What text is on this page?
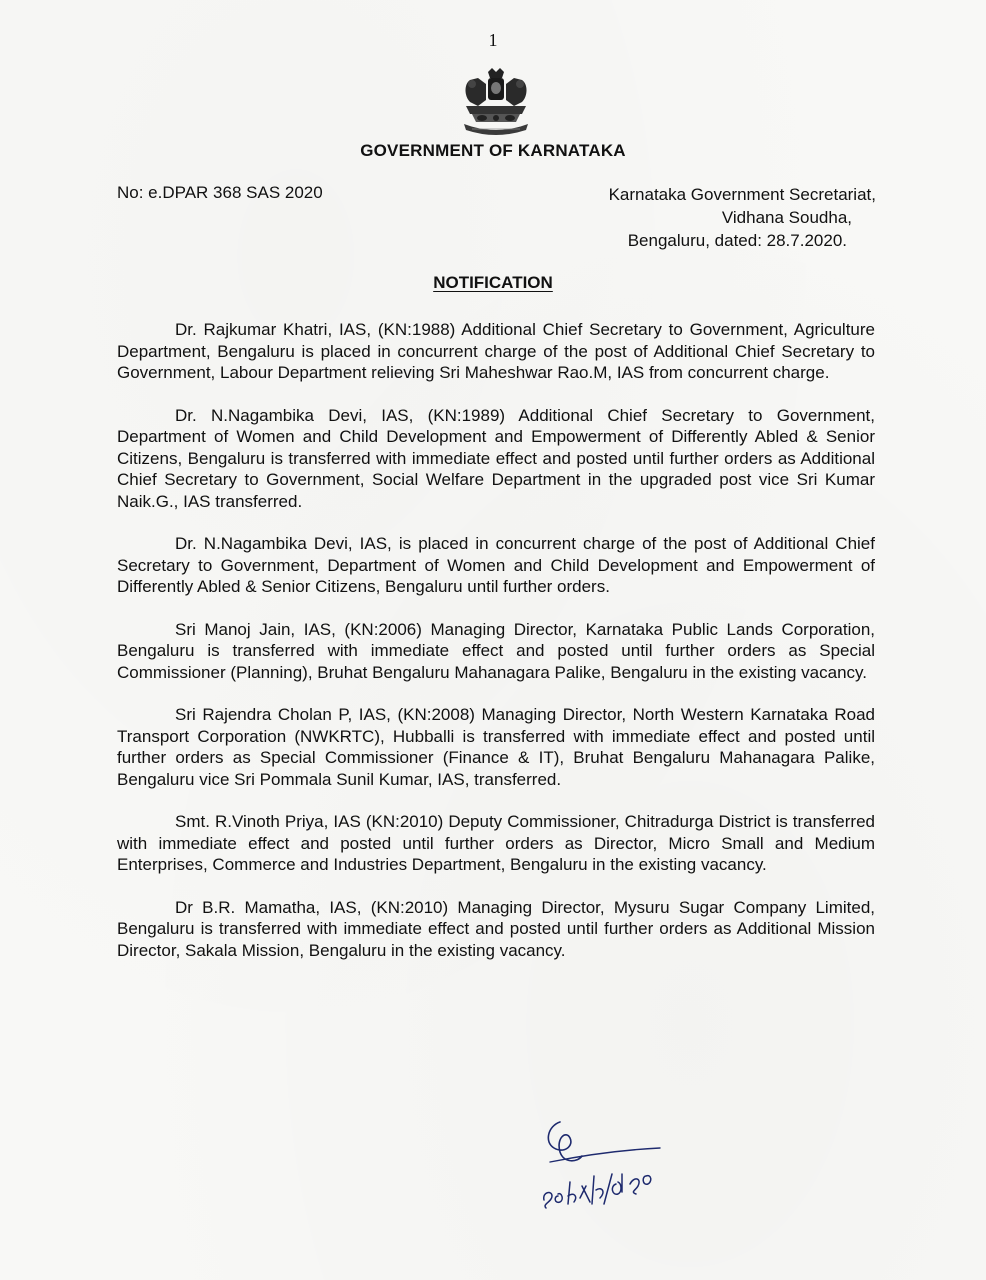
1
GOVERNMENT OF KARNATAKA
No: e.DPAR 368 SAS 2020	Karnataka Government Secretariat,
Vidhana Soudha,
Bengaluru, dated: 28.7.2020.
NOTIFICATION

Dr. Rajkumar Khatri, IAS, (KN:1988) Additional Chief Secretary to Government, Agriculture Department, Bengaluru is placed in concurrent charge of the post of Additional Chief Secretary to Government, Labour Department relieving Sri Maheshwar Rao.M, IAS from concurrent charge.

Dr. N.Nagambika Devi, IAS, (KN:1989) Additional Chief Secretary to Government, Department of Women and Child Development and Empowerment of Differently Abled & Senior Citizens, Bengaluru is transferred with immediate effect and posted until further orders as Additional Chief Secretary to Government, Social Welfare Department in the upgraded post vice Sri Kumar Naik.G., IAS transferred.

Dr. N.Nagambika Devi, IAS, is placed in concurrent charge of the post of Additional Chief Secretary to Government, Department of Women and Child Development and Empowerment of Differently Abled & Senior Citizens, Bengaluru until further orders.

Sri Manoj Jain, IAS, (KN:2006) Managing Director, Karnataka Public Lands Corporation, Bengaluru is transferred with immediate effect and posted until further orders as Special Commissioner (Planning), Bruhat Bengaluru Mahanagara Palike, Bengaluru in the existing vacancy.

Sri Rajendra Cholan P, IAS, (KN:2008) Managing Director, North Western Karnataka Road Transport Corporation (NWKRTC), Hubballi is transferred with immediate effect and posted until further orders as Special Commissioner (Finance & IT), Bruhat Bengaluru Mahanagara Palike, Bengaluru vice Sri Pommala Sunil Kumar, IAS, transferred.

Smt. R.Vinoth Priya, IAS (KN:2010) Deputy Commissioner, Chitradurga District is transferred with immediate effect and posted until further orders as Director, Micro Small and Medium Enterprises, Commerce and Industries Department, Bengaluru in the existing vacancy.

Dr B.R. Mamatha, IAS, (KN:2010) Managing Director, Mysuru Sugar Company Limited, Bengaluru is transferred with immediate effect and posted until further orders as Additional Mission Director, Sakala Mission, Bengaluru in the existing vacancy.
